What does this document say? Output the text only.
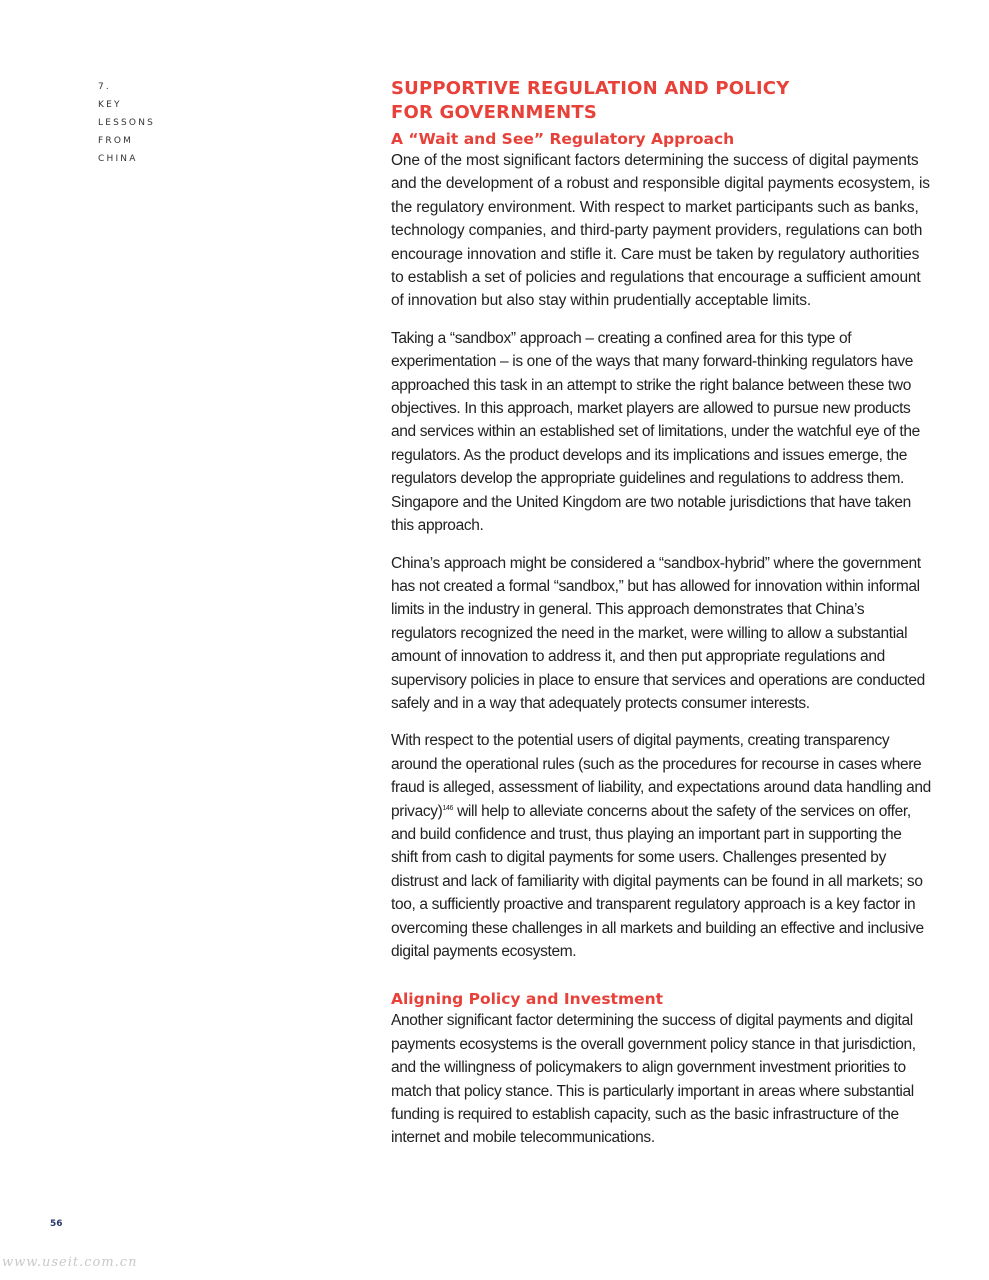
7.
KEY
LESSONS
FROM
CHINA
SUPPORTIVE REGULATION AND POLICY
FOR GOVERNMENTS
A “Wait and See” Regulatory Approach

One of the most significant factors determining the success of digital payments and the development of a robust and responsible digital payments ecosystem, is the regulatory environment. With respect to market participants such as banks, technology companies, and third-party payment providers, regulations can both encourage innovation and stifle it. Care must be taken by regulatory authorities to establish a set of policies and regulations that encourage a sufficient amount of innovation but also stay within prudentially acceptable limits.

Taking a “sandbox” approach – creating a confined area for this type of experimentation – is one of the ways that many forward-thinking regulators have approached this task in an attempt to strike the right balance between these two objectives. In this approach, market players are allowed to pursue new products and services within an established set of limitations, under the watchful eye of the regulators. As the product develops and its implications and issues emerge, the regulators develop the appropriate guidelines and regulations to address them. Singapore and the United Kingdom are two notable jurisdictions that have taken this approach.

China’s approach might be considered a “sandbox-hybrid” where the government has not created a formal “sandbox,” but has allowed for innovation within informal limits in the industry in general. This approach demonstrates that China’s regulators recognized the need in the market, were willing to allow a substantial amount of innovation to address it, and then put appropriate regulations and supervisory policies in place to ensure that services and operations are conducted safely and in a way that adequately protects consumer interests.

With respect to the potential users of digital payments, creating transparency around the operational rules (such as the procedures for recourse in cases where fraud is alleged, assessment of liability, and expectations around data handling and privacy)$^{146}$ will help to alleviate concerns about the safety of the services on offer, and build confidence and trust, thus playing an important part in supporting the shift from cash to digital payments for some users. Challenges presented by distrust and lack of familiarity with digital payments can be found in all markets; so too, a sufficiently proactive and transparent regulatory approach is a key factor in overcoming these challenges in all markets and building an effective and inclusive digital payments ecosystem.

Aligning Policy and Investment

Another significant factor determining the success of digital payments and digital payments ecosystems is the overall government policy stance in that jurisdiction, and the willingness of policymakers to align government investment priorities to match that policy stance. This is particularly important in areas where substantial funding is required to establish capacity, such as the basic infrastructure of the internet and mobile telecommunications.

56
www.useit.com.cn
